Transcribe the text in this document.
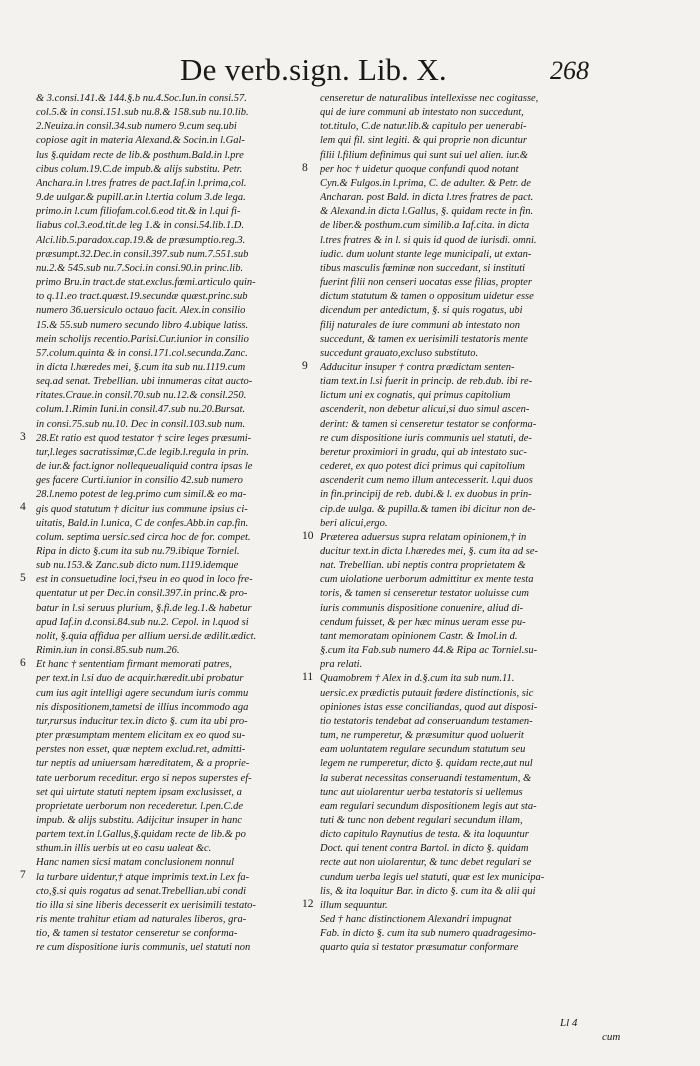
De verb.sign. Lib. X.	268
& 3.consi.141.& 144.§.b nu.4.Soc.Iun.in consi.57.
col.5.& in consi.151.sub nu.8.& 158.sub nu.10.lib.
2.Neuiza.in consil.34.sub numero 9.cum seq.ubi
copiose agit in materia Alexand.& Socin.in l.Gal-
lus §.quidam recte de lib.& posthum.Bald.in l.pre
cibus colum.19.C.de impub.& alijs substitu. Petr.
Anchara.in l.tres fratres de pact.Iaf.in l.prima,col.
9.de uulgar.& pupill.ar.in l.tertia colum 3.de lega.
primo.in l.cum filiofam.col.6.eod tit.& in l.qui fi-
liabus col.3.eod.tit.de leg 1.& in consi.54.lib.1.D.
Alci.lib.5.paradox.cap.19.& de præsumptio.reg.3.
præsumpt.32.Dec.in consil.397.sub num.7.551.sub
nu.2.& 545.sub nu.7.Soci.in consi.90.in princ.lib.
primo Bru.in tract.de stat.exclus.fœmi.articulo quin-
to q.11.eo tract.quæst.19.secundæ quæst.princ.sub
numero 36.uersiculo octauo facit. Alex.in consilio
15.& 55.sub numero secundo libro 4.ubique latiss.
mein scholijs recentio.Parisi.Cur.iunior in consilio
57.colum.quinta & in consi.171.col.secunda.Zanc.
in dicta l.hæredes mei, §.cum ita sub nu.1119.cum
seq.ad senat. Trebellian. ubi innumeras citat aucto-
ritates.Craue.in consil.70.sub nu.12.& consil.250.
colum.1.Rimin Iuni.in consil.47.sub nu.20.Bursat.
in consi.75.sub nu.10. Dec in consil.103.sub num.
28.Et ratio est quod testator † scire leges præsumi-
tur,l.leges sacratissimæ,C.de legib.l.regula in prin.
de iur.& fact.ignor nollequeualiquid contra ipsas le
ges facere Curti.iunior in consilio 42.sub numero
28.l.nemo potest de leg.primo cum simil.& eo ma-
gis quod statutum † dicitur ius commune ipsius ci-
uitatis, Bald.in l.unica, C de confes.Abb.in cap.fin.
colum. septima uersic.sed circa hoc de for. compet.
Ripa in dicto §.cum ita sub nu.79.ibique Torniel.
sub nu.153.& Zanc.sub dicto num.1119.idemque
est in consuetudine loci,†seu in eo quod in loco fre-
quentatur ut per Dec.in consil.397.in princ.& pro-
batur in l.si seruus plurium, §.fi.de leg.1.& habetur
apud Iaf.in d.consi.84.sub nu.2. Cepol. in l.quod si
nolit, §.quia affidua per allium uersi.de ædilit.ædict.
Rimin.iun in consi.85.sub num.26.
Et hanc † sententiam firmant memorati patres,
per text.in l.si duo de acquir.hæredit.ubi probatur
cum ius agit intelligi agere secundum iuris commu
nis dispositionem,tametsi de illius incommodo aga
tur,rursus inducitur tex.in dicto §. cum ita ubi pro-
pter præsumptam mentem elicitam ex eo quod su-
perstes non esset, quæ neptem exclud.ret, admitti-
tur neptis ad uniuersam hæreditatem, & a proprie-
tate uerborum receditur. ergo si nepos superstes ef-
set qui uirtute statuti neptem ipsam exclusisset, a
proprietate uerborum non recederetur. l.pen.C.de
impub. & alijs substitu. Adijcitur insuper in hanc
partem text.in l.Gallus,§.quidam recte de lib.& po
sthum.in illis uerbis ut eo casu ualeat &c.
Hanc namen sicsi matam conclusionem nonnul
la turbare uidentur,† atque imprimis text.in l.ex fa-
cto,§.si quis rogatus ad senat.Trebellian.ubi condi
tio illa si sine liberis decesserit ex uerisimili testato-
ris mente trahitur etiam ad naturales liberos, gra-
tio, & tamen si testator censeretur se conforma-
re cum dispositione iuris communis, uel statuti non
censeretur de naturalibus intellexisse nec cogitasse,
qui de iure communi ab intestato non succedunt,
tot.titulo, C.de natur.lib.& capitulo per uenerabi-
lem qui fil. sint legiti. & qui proprie non dicuntur
filii l.filium definimus qui sunt sui uel alien. iur.&
per hoc † uidetur quoque confundi quod notant
Cyn.& Fulgos.in l.prima, C. de adulter. & Petr. de
Ancharan. post Bald. in dicta l.tres fratres de pact.
& Alexand.in dicta l.Gallus, §. quidam recte in fin.
de liber.& posthum.cum similib.a Iaf.cita. in dicta
l.tres fratres & in l. si quis id quod de iurisdi. omni.
iudic. dum uolunt stante lege municipali, ut extan-
tibus masculis fœminæ non succedant, si instituti
fuerint filii non censeri uocatas esse filias, propter
dictum statutum & tamen o oppositum uidetur esse
dicendum per antedictum, §. si quis rogatus, ubi
filij naturales de iure communi ab intestato non
succedunt, & tamen ex uerisimili testatoris mente
succedunt grauato,excluso substituto.
Adducitur insuper † contra prædictam senten-
tiam text.in l.si fuerit in princip. de reb.dub. ibi re-
lictum uni ex cognatis, qui primus capitolium
ascenderit, non debetur alicui,si duo simul ascen-
derint: & tamen si censeretur testator se conforma-
re cum dispositione iuris communis uel statuti, de-
beretur proximiori in gradu, qui ab intestato suc-
cederet, ex quo potest dici primus qui capitolium
ascenderit cum nemo illum antecesserit. l.qui duos
in fin.principij de reb. dubi.& l. ex duobus in prin-
cip.de uulga. & pupilla.& tamen ibi dicitur non de-
beri alicui,ergo.
Præterea aduersus supra relatam opinionem,† in
ducitur text.in dicta l.hæredes mei, §. cum ita ad se-
nat. Trebellian. ubi neptis contra proprietatem &
cum uiolatione uerborum admittitur ex mente testa
toris, & tamen si censeretur testator uoluisse cum
iuris communis dispositione conuenire, aliud di-
cendum fuisset, & per hæc minus ueram esse pu-
tant memoratam opinionem Castr. & Imol.in d.
§.cum ita Fab.sub numero 44.& Ripa ac Torniel.su-
pra relati.
Quamobrem † Alex in d.§.cum ita sub num.11.
uersic.ex prædictis putauit fœdere distinctionis, sic
opiniones istas esse conciliandas, quod aut disposi-
tio testatoris tendebat ad conseruandum testamen-
tum, ne rumperetur, & præsumitur quod uoluerit
eam uoluntatem regulare secundum statutum seu
legem ne rumperetur, dicto §. quidam recte,aut nul
la suberat necessitas conseruandi testamentum, &
tunc aut uiolarentur uerba testatoris si uellemus
eam regulari secundum dispositionem legis aut sta-
tuti & tunc non debent regulari secundum illam,
dicto capitulo Raynutius de testa. & ita loquuntur
Doct. qui tenent contra Bartol. in dicto §. quidam
recte aut non uiolarentur, & tunc debet regulari se
cundum uerba legis uel statuti, quæ est lex municipa-
lis, & ita loquitur Bar. in dicto §. cum ita & alii qui
illum sequuntur.
Sed † hanc distinctionem Alexandri impugnat
Fab. in dicto §. cum ita sub numero quadragesimo-
quarto quia si testator præsumatur conformare
3
4
5
6
7
8
9
10
11
12
Ll 4
cum
